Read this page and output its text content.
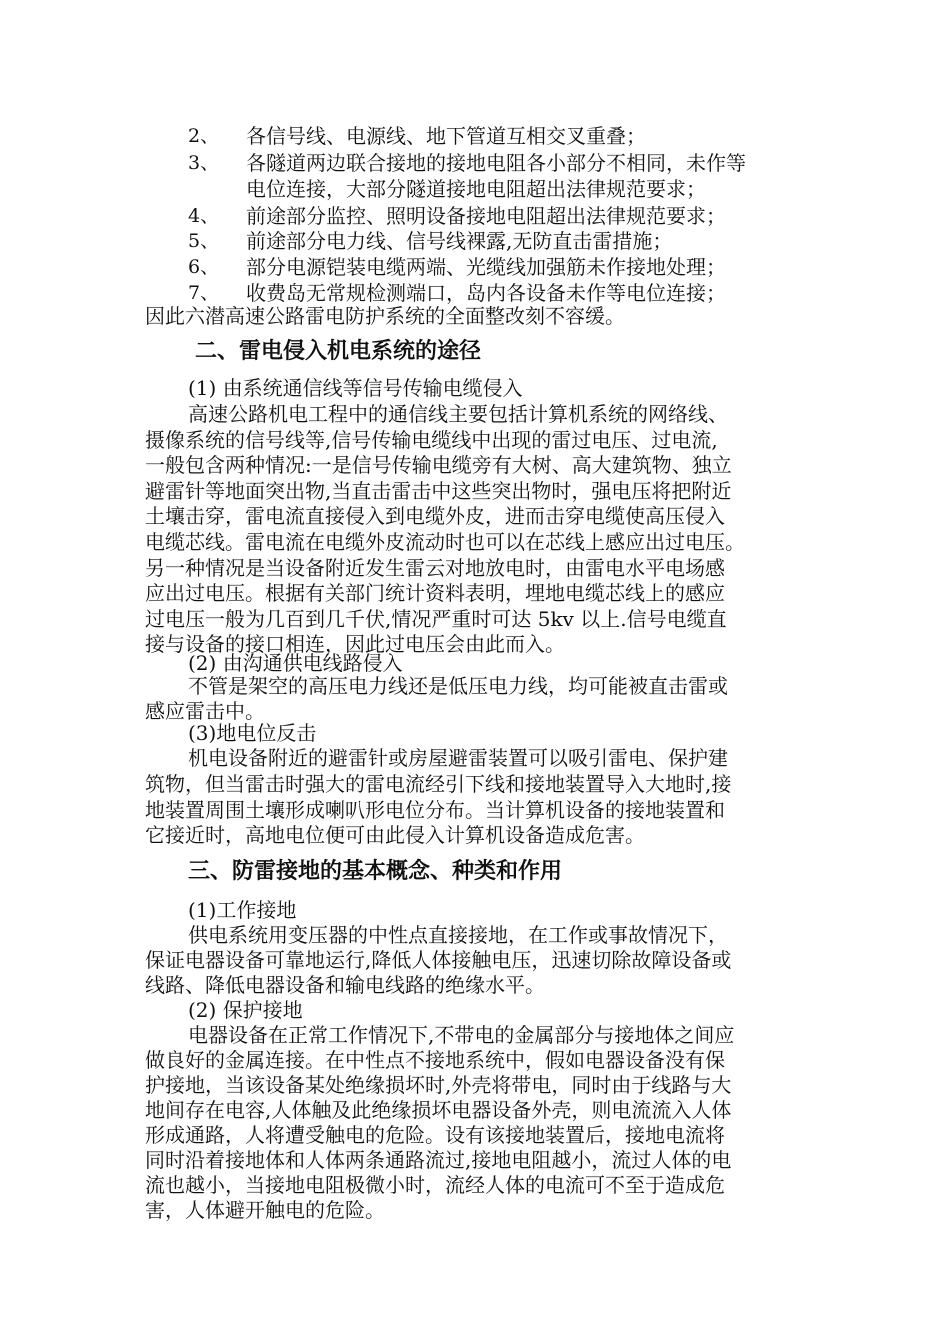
2、 各信号线、电源线、地下管道互相交叉重叠；
3、 各隧道两边联合接地的接地电阻各小部分不相同，未作等
电位连接，大部分隧道接地电阻超出法律规范要求；
4、 前途部分监控、照明设备接地电阻超出法律规范要求；
5、 前途部分电力线、信号线裸露,无防直击雷措施；
6、 部分电源铠装电缆两端、光缆线加强筋未作接地处理；
7、 收费岛无常规检测端口，岛内各设备未作等电位连接；
因此六潜高速公路雷电防护系统的全面整改刻不容缓。
二、雷电侵入机电系统的途径
(1) 由系统通信线等信号传输电缆侵入
高速公路机电工程中的通信线主要包括计算机系统的网络线、
摄像系统的信号线等,信号传输电缆线中出现的雷过电压、过电流,
一般包含两种情况:一是信号传输电缆旁有大树、高大建筑物、独立
避雷针等地面突出物,当直击雷击中这些突出物时，强电压将把附近
土壤击穿，雷电流直接侵入到电缆外皮，进而击穿电缆使高压侵入
电缆芯线。雷电流在电缆外皮流动时也可以在芯线上感应出过电压。
另一种情况是当设备附近发生雷云对地放电时，由雷电水平电场感
应出过电压。根据有关部门统计资料表明，埋地电缆芯线上的感应
过电压一般为几百到几千伏,情况严重时可达 5kv 以上.信号电缆直
接与设备的接口相连，因此过电压会由此而入。
(2) 由沟通供电线路侵入
不管是架空的高压电力线还是低压电力线，均可能被直击雷或
感应雷击中。
(3)地电位反击
机电设备附近的避雷针或房屋避雷装置可以吸引雷电、保护建
筑物，但当雷击时强大的雷电流经引下线和接地装置导入大地时,接
地装置周围土壤形成喇叭形电位分布。当计算机设备的接地装置和
它接近时，高地电位便可由此侵入计算机设备造成危害。
三、防雷接地的基本概念、种类和作用
(1)工作接地
供电系统用变压器的中性点直接接地，在工作或事故情况下，
保证电器设备可靠地运行,降低人体接触电压，迅速切除故障设备或
线路、降低电器设备和输电线路的绝缘水平。
(2) 保护接地
电器设备在正常工作情况下,不带电的金属部分与接地体之间应
做良好的金属连接。在中性点不接地系统中，假如电器设备没有保
护接地，当该设备某处绝缘损坏时,外壳将带电，同时由于线路与大
地间存在电容,人体触及此绝缘损坏电器设备外壳，则电流流入人体
形成通路，人将遭受触电的危险。设有该接地装置后，接地电流将
同时沿着接地体和人体两条通路流过,接地电阻越小，流过人体的电
流也越小，当接地电阻极微小时，流经人体的电流可不至于造成危
害，人体避开触电的危险。
